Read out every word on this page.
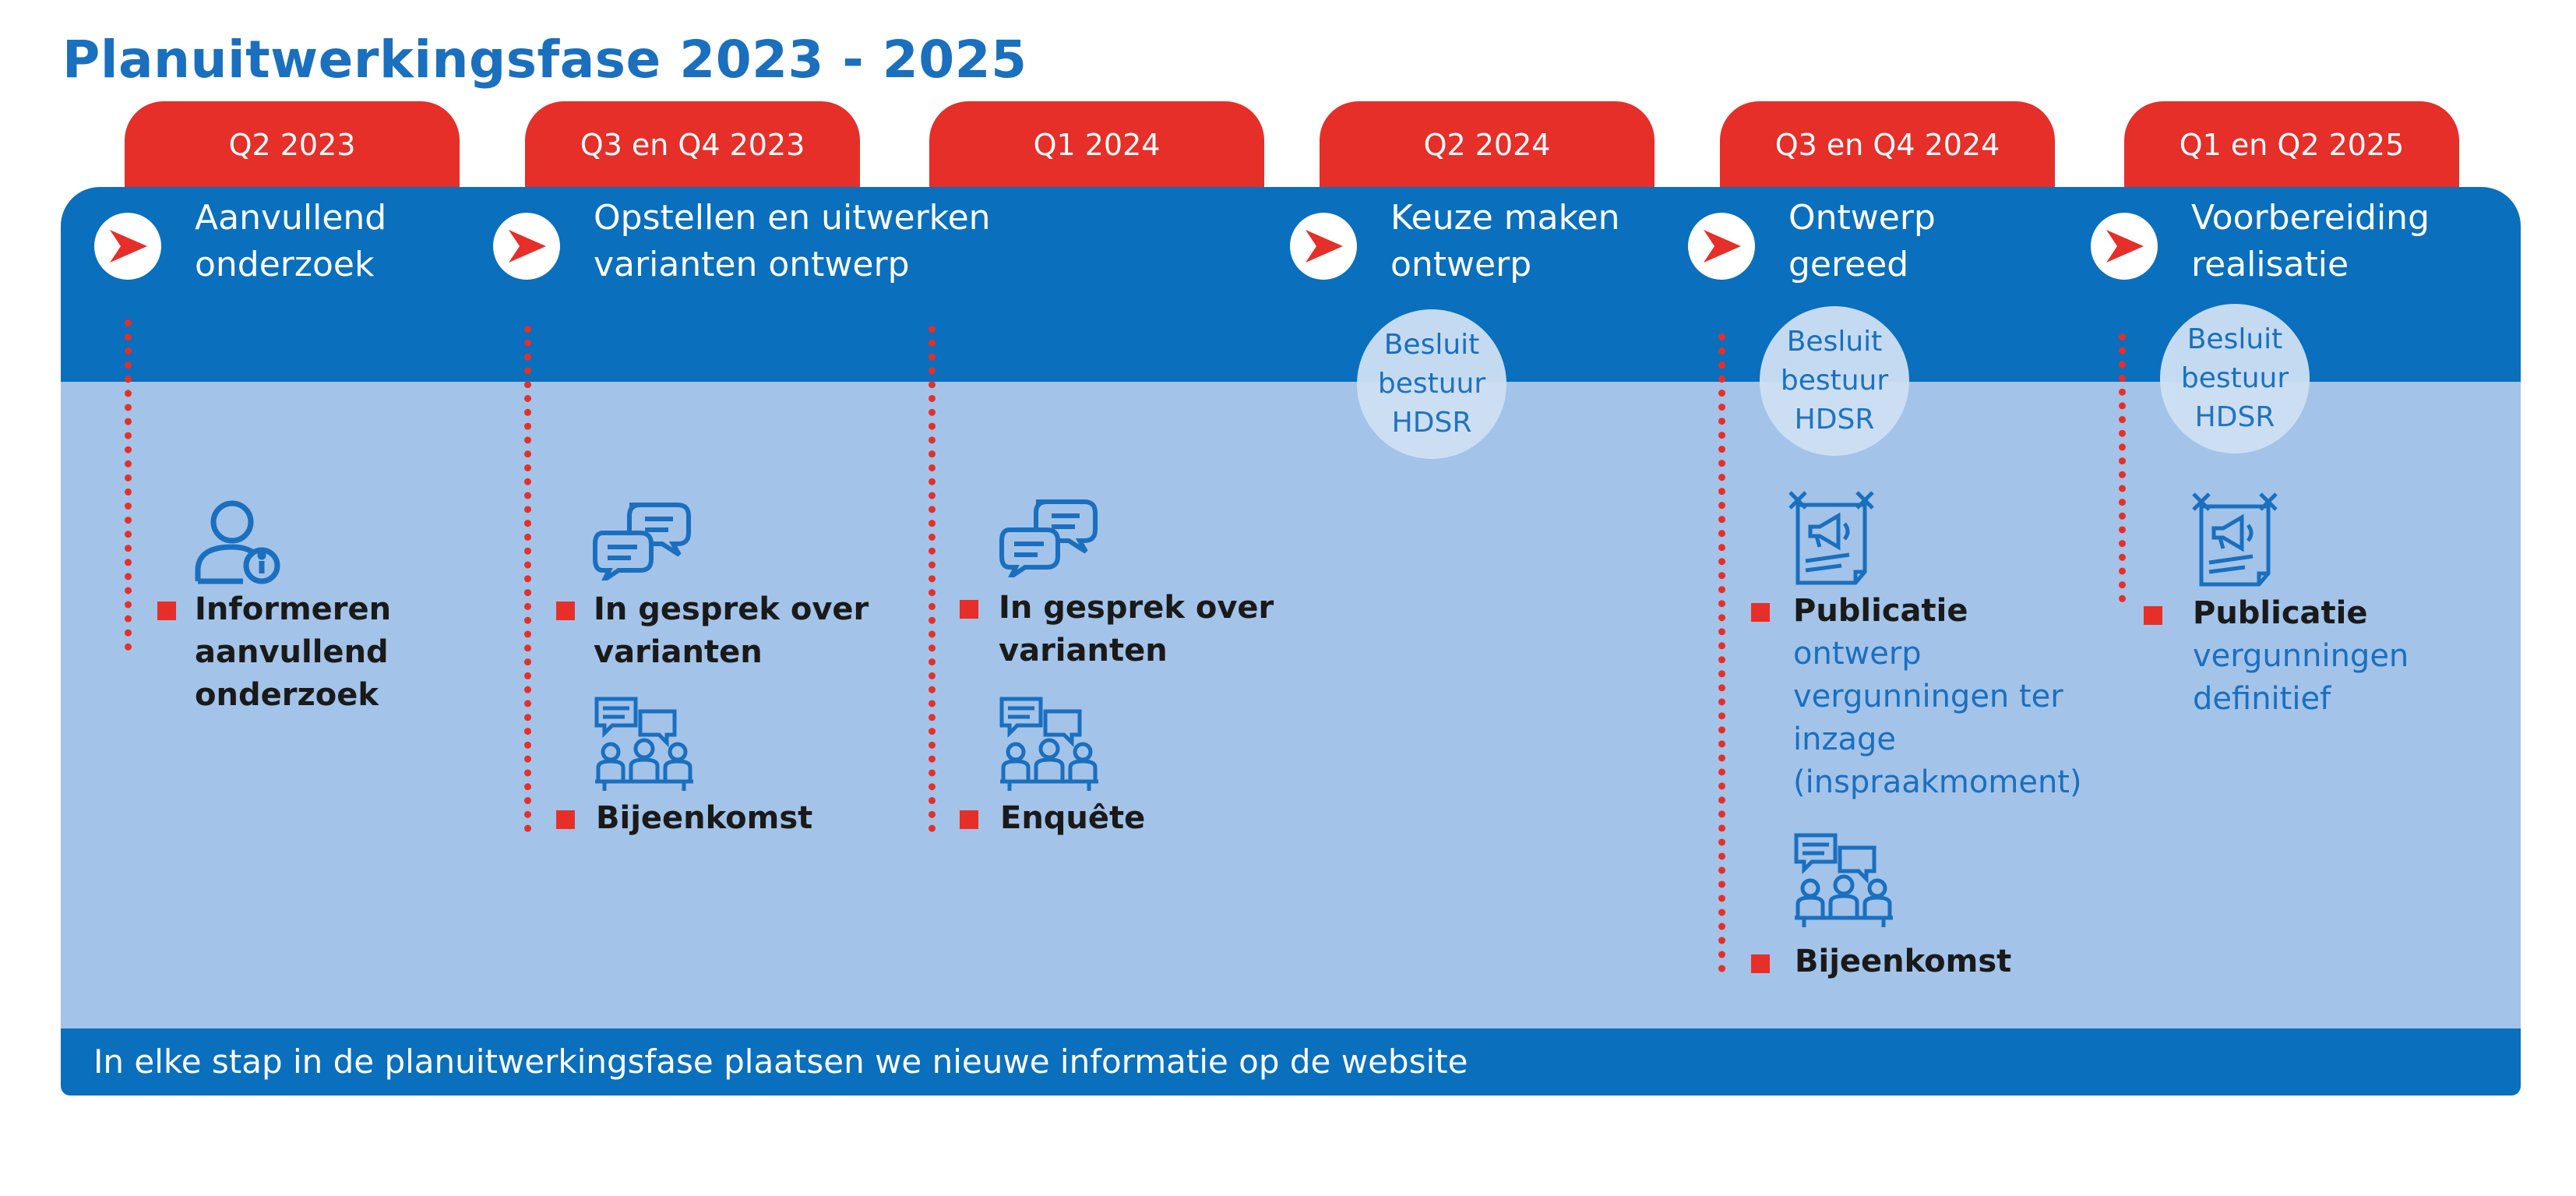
Planuitwerkingsfase 2023 - 2025
Q2 2023	Q3 en Q4 2023	Q1 2024	Q2 2024	Q3 en Q4 2024	Q1 en Q2 2025
In elke stap in de planuitwerkingsfase plaatsen we nieuwe informatie op de website
Aanvullend
onderzoek
Opstellen en uitwerken
varianten ontwerp
Keuze maken
ontwerp
Ontwerp
gereed
Voorbereiding
realisatie
Besluit
bestuur
HDSR
Besluit
bestuur
HDSR
Besluit
bestuur
HDSR
Informeren
aanvullend
onderzoek
In gesprek over
varianten
Bijeenkomst
In gesprek over
varianten
Enquête
Publicatie
ontwerp
vergunningen ter
inzage
(inspraakmoment)
Bijeenkomst
Publicatie
vergunningen
definitief
